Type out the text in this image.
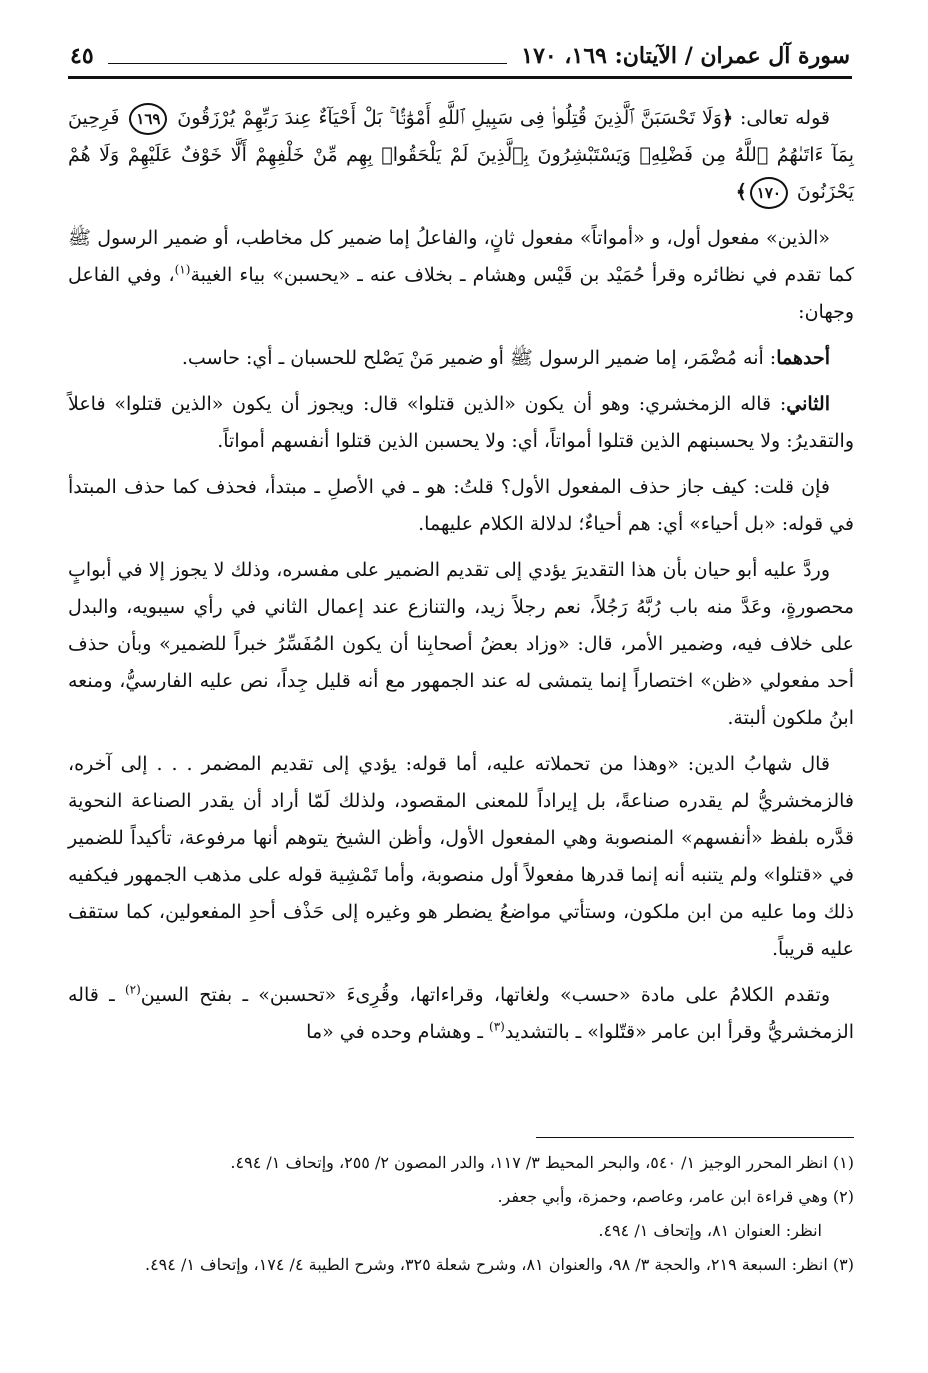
سورة آل عمران / الآيتان: ١٦٩، ١٧٠
٤٥

قوله تعالى: ﴿وَلَا تَحْسَبَنَّ ٱلَّذِينَ قُتِلُوا۟ فِى سَبِيلِ ٱللَّهِ أَمْوَٰتًۢا ۚ بَلْ أَحْيَآءٌ عِندَ رَبِّهِمْ يُرْزَقُونَ ١٦٩ فَرِحِينَ بِمَآ ءَاتَىٰهُمُ ٱللَّهُ مِن فَضْلِهِۦ وَيَسْتَبْشِرُونَ بِٱلَّذِينَ لَمْ يَلْحَقُوا۟ بِهِم مِّنْ خَلْفِهِمْ أَلَّا خَوْفٌ عَلَيْهِمْ وَلَا هُمْ يَحْزَنُونَ ١٧٠﴾

«الذين» مفعول أول، و «أمواتاً» مفعول ثانٍ، والفاعلُ إما ضمير كل مخاطب، أو ضمير الرسول ﷺ كما تقدم في نظائره وقرأ حُمَيْد بن قَيْس وهشام ـ بخلاف عنه ـ «يحسبن» بياء الغيبة$^{(١)}$، وفي الفاعل وجهان:

أحدهما: أنه مُضْمَر، إما ضمير الرسول ﷺ أو ضمير مَنْ يَصْلح للحسبان ـ أي: حاسب.

الثاني: قاله الزمخشري: وهو أن يكون «الذين قتلوا» قال: ويجوز أن يكون «الذين قتلوا» فاعلاً والتقديرُ: ولا يحسبنهم الذين قتلوا أمواتاً، أي: ولا يحسبن الذين قتلوا أنفسهم أمواتاً.

فإن قلت: كيف جاز حذف المفعول الأول؟ قلتُ: هو ـ في الأصلِ ـ مبتدأ، فحذف كما حذف المبتدأ في قوله: «بل أحياء» أي: هم أحياءٌ؛ لدلالة الكلام عليهما.

وردَّ عليه أبو حيان بأن هذا التقديرَ يؤدي إلى تقديم الضمير على مفسره، وذلك لا يجوز إلا في أبوابٍ محصورةٍ، وعَدَّ منه باب رُبَّهُ رَجُلاً، نعم رجلاً زيد، والتنازع عند إعمال الثاني في رأي سيبويه، والبدل على خلاف فيه، وضمير الأمر، قال: «وزاد بعضُ أصحابِنا أن يكون المُفَسِّرُ خبراً للضمير» وبأن حذف أحد مفعولي «ظن» اختصاراً إنما يتمشى له عند الجمهور مع أنه قليل جِداً، نص عليه الفارسيُّ، ومنعه ابنُ ملكون ألبتة.

قال شهابُ الدين: «وهذا من تحملاته عليه، أما قوله: يؤدي إلى تقديم المضمر . . . إلى آخره، فالزمخشريُّ لم يقدره صناعةً، بل إيراداً للمعنى المقصود، ولذلك لَمّا أراد أن يقدر الصناعة النحوية قدَّره بلفظ «أنفسهم» المنصوبة وهي المفعول الأول، وأظن الشيخ يتوهم أنها مرفوعة، تأكيداً للضمير في «قتلوا» ولم يتنبه أنه إنما قدرها مفعولاً أول منصوبة، وأما تَمْشِية قوله على مذهب الجمهور فيكفيه ذلك وما عليه من ابن ملكون، وستأتي مواضعُ يضطر هو وغيره إلى حَذْف أحدِ المفعولين، كما ستقف عليه قريباً.

وتقدم الكلامُ على مادة «حسب» ولغاتها، وقراءاتها، وقُرِىءَ «تحسبن» ـ بفتح السين$^{(٢)}$ ـ قاله الزمخشريُّ وقرأ ابن عامر «قتّلوا» ـ بالتشديد$^{(٣)}$ ـ وهشام وحده في «ما

(١) انظر المحرر الوجيز ١/ ٥٤٠، والبحر المحيط ٣/ ١١٧، والدر المصون ٢/ ٢٥٥، وإتحاف ١/ ٤٩٤.

(٢) وهي قراءة ابن عامر، وعاصم، وحمزة، وأبي جعفر.

انظر: العنوان ٨١، وإتحاف ١/ ٤٩٤.

(٣) انظر: السبعة ٢١٩، والحجة ٣/ ٩٨، والعنوان ٨١، وشرح شعلة ٣٢٥، وشرح الطيبة ٤/ ١٧٤، وإتحاف ١/ ٤٩٤.
